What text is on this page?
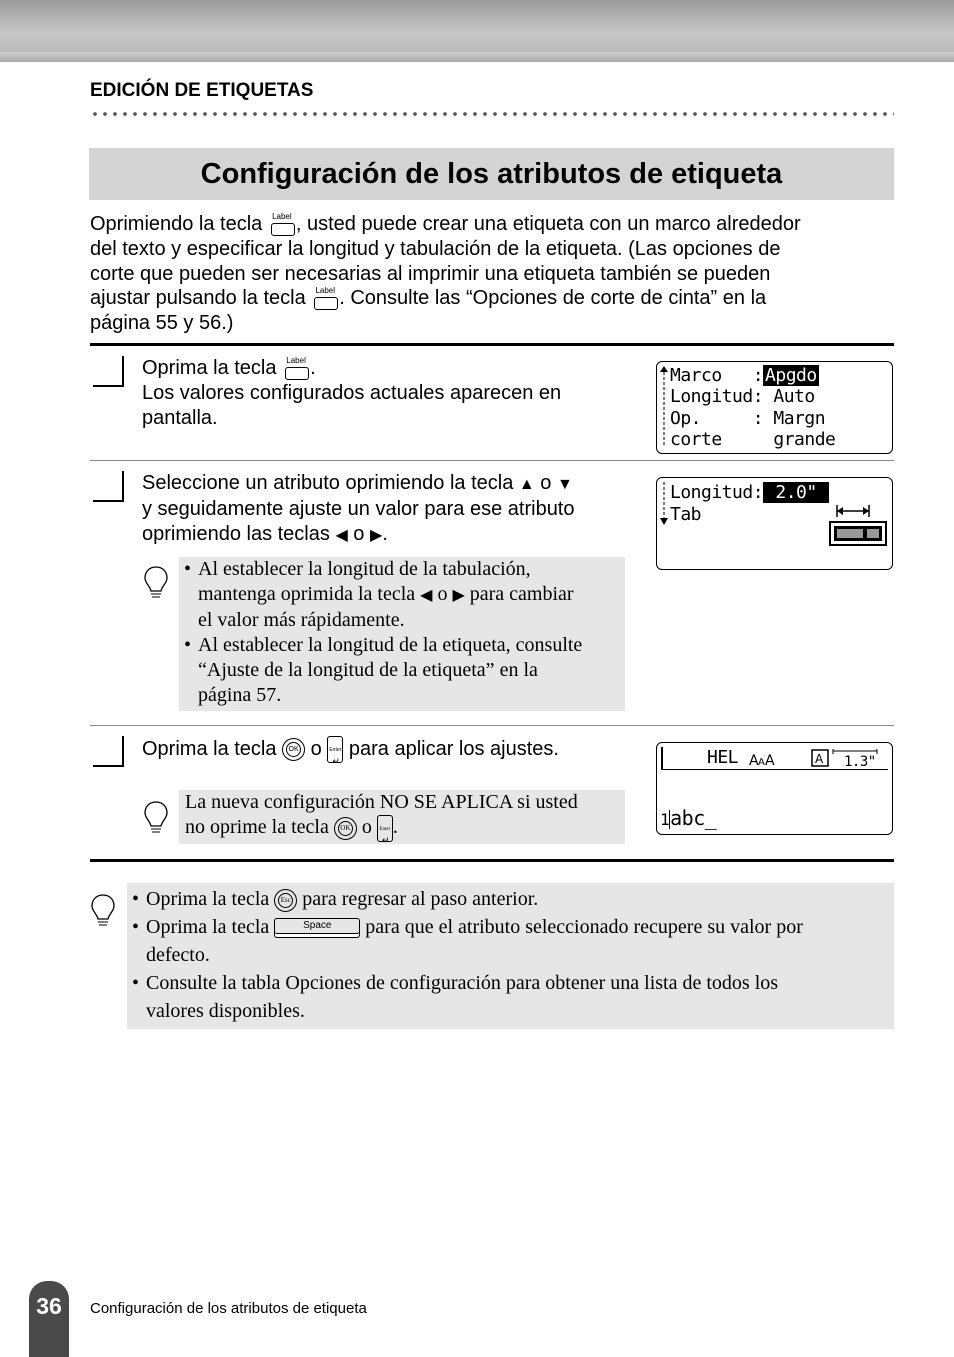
EDICIÓN DE ETIQUETAS
Configuración de los atributos de etiqueta
Oprimiendo la tecla Label , usted puede crear una etiqueta con un marco alrededor
del texto y especificar la longitud y tabulación de la etiqueta. (Las opciones de
corte que pueden ser necesarias al imprimir una etiqueta también se pueden
ajustar pulsando la tecla Label . Consulte las “Opciones de corte de cinta” en la
página 55 y 56.)
Oprima la tecla Label .
Los valores configurados actuales aparecen en
pantalla.
Marco   : Apgdo
Longitud: Auto
Op.     : Margn
corte     grande
Seleccione un atributo oprimiendo la tecla ▲ o ▼
y seguidamente ajuste un valor para ese atributo
oprimiendo las teclas ◀ o ▶.
Longitud: 2.0"
Tab
• Al establecer la longitud de la tabulación,
mantenga oprimida la tecla ◀ o ▶ para cambiar
el valor más rápidamente.
• Al establecer la longitud de la etiqueta, consulte
“Ajuste de la longitud de la etiqueta” en la
página 57.
Oprima la tecla OK o Enter
↵
para aplicar los ajustes.	HEL A A A	A 1.3"
1abc_
La nueva configuración NO SE APLICA si usted
no oprime la tecla OK o Enter
↵
.
• Oprima la tecla Esc para regresar al paso anterior.
• Oprima la tecla	Space para que el atributo seleccionado recupere su valor por
defecto.
• Consulte la tabla Opciones de configuración para obtener una lista de todos los
valores disponibles.
36	Configuración de los atributos de etiqueta
